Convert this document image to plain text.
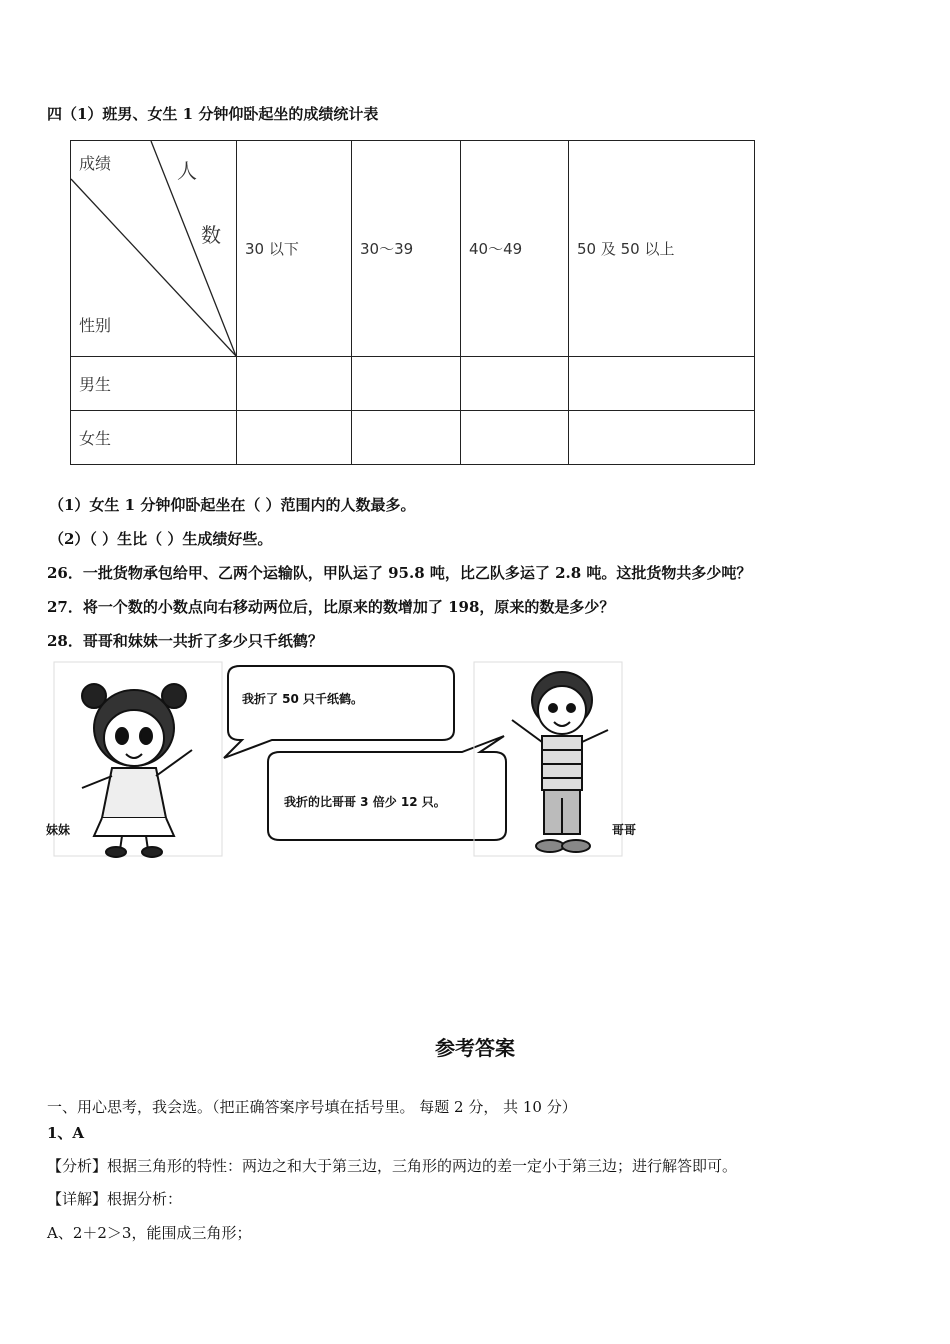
四（1）班男、女生 1 分钟仰卧起坐的成绩统计表
成绩 人
数
性别	30 以下	30～39	40～49	50 及 50 以上
男生				
女生				
（1）女生 1 分钟仰卧起坐在（ ）范围内的人数最多。
（2）（ ）生比（ ）生成绩好些。
26．一批货物承包给甲、乙两个运输队，甲队运了 95.8 吨，比乙队多运了 2.8 吨。这批货物共多少吨？
27．将一个数的小数点向右移动两位后，比原来的数增加了 198，原来的数是多少？
28．哥哥和妹妹一共折了多少只千纸鹤？
妹妹
我折了 50 只千纸鹤。
我折的比哥哥 3 倍少 12 只。
哥哥
参考答案
一、用心思考，我会选。（把正确答案序号填在括号里。 每题 2 分， 共 10 分）
1、A
【分析】根据三角形的特性：两边之和大于第三边，三角形的两边的差一定小于第三边；进行解答即可。
【详解】根据分析：
A、2＋2＞3，能围成三角形；
